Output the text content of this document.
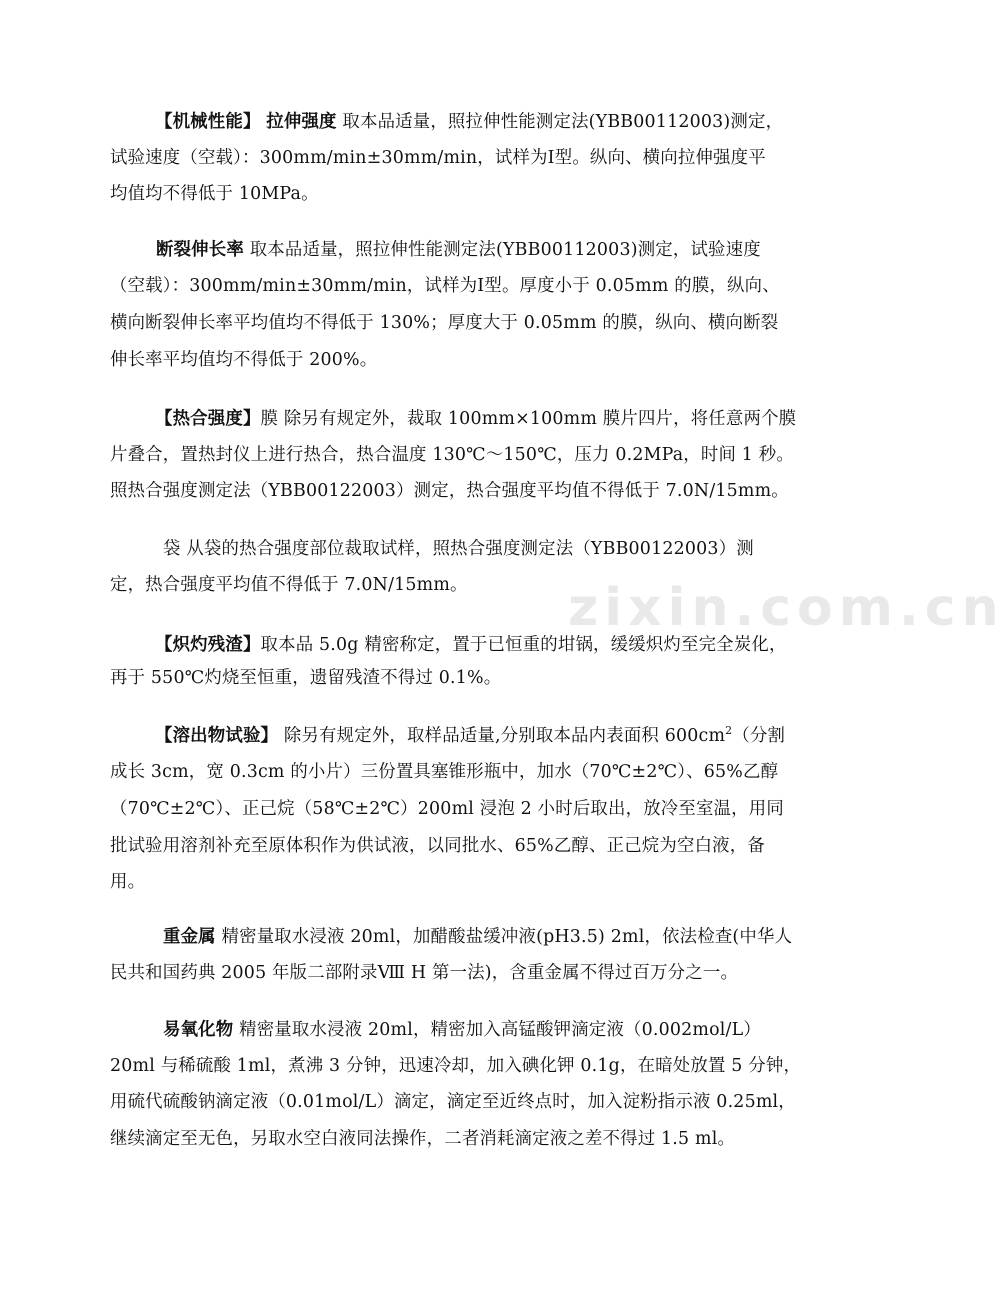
zixin.com.cn
【机械性能】 拉伸强度 取本品适量，照拉伸性能测定法(YBB00112003)测定，
试验速度（空载）：300mm/min±30mm/min，试样为Ⅰ型。纵向、横向拉伸强度平
均值均不得低于 10MPa。
断裂伸长率 取本品适量，照拉伸性能测定法(YBB00112003)测定，试验速度
（空载）：300mm/min±30mm/min，试样为Ⅰ型。厚度小于 0.05mm 的膜，纵向、
横向断裂伸长率平均值均不得低于 130%；厚度大于 0.05mm 的膜，纵向、横向断裂
伸长率平均值均不得低于 200%。
【热合强度】膜 除另有规定外，裁取 100mm×100mm 膜片四片，将任意两个膜
片叠合，置热封仪上进行热合，热合温度 130℃～150℃，压力 0.2MPa，时间 1 秒。
照热合强度测定法（YBB00122003）测定，热合强度平均值不得低于 7.0N/15mm。
袋 从袋的热合强度部位裁取试样，照热合强度测定法（YBB00122003）测
定，热合强度平均值不得低于 7.0N/15mm。
【炽灼残渣】取本品 5.0g 精密称定，置于已恒重的坩锅，缓缓炽灼至完全炭化，
再于 550℃灼烧至恒重，遗留残渣不得过 0.1%。
【溶出物试验】 除另有规定外，取样品适量,分别取本品内表面积 $600cm^2$（分割
成长 3cm，宽 0.3cm 的小片）三份置具塞锥形瓶中，加水（70℃±2℃）、65%乙醇
（70℃±2℃）、正己烷（58℃±2℃）200ml 浸泡 2 小时后取出，放冷至室温，用同
批试验用溶剂补充至原体积作为供试液，以同批水、65%乙醇、正己烷为空白液，备
用。
重金属 精密量取水浸液 20ml，加醋酸盐缓冲液(pH3.5) 2ml，依法检查(中华人
民共和国药典 2005 年版二部附录Ⅷ H 第一法)，含重金属不得过百万分之一。
易氧化物 精密量取水浸液 20ml，精密加入高锰酸钾滴定液（0.002mol/L）
20ml 与稀硫酸 1ml，煮沸 3 分钟，迅速冷却，加入碘化钾 0.1g，在暗处放置 5 分钟，
用硫代硫酸钠滴定液（0.01mol/L）滴定，滴定至近终点时，加入淀粉指示液 0.25ml，
继续滴定至无色，另取水空白液同法操作，二者消耗滴定液之差不得过 1.5 ml。
